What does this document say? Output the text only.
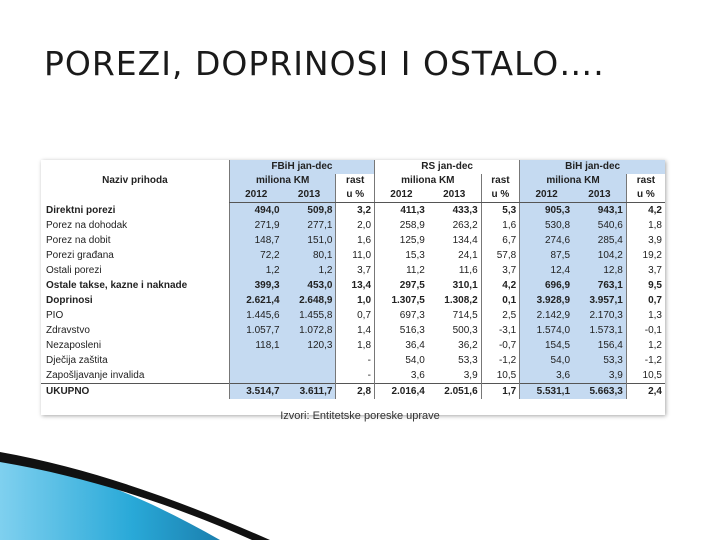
POREZI, DOPRINOSI I OSTALO….
Naziv prihoda	FBiH jan-dec			RS jan-dec			BiH jan-dec		
	miliona KM		rast	miliona KM		rast	miliona KM		rast
	2012	2013	u %	2012	2013	u %	2012	2013	u %
Direktni porezi	494,0	509,8	3,2	411,3	433,3	5,3	905,3	943,1	4,2
Porez na dohodak	271,9	277,1	2,0	258,9	263,2	1,6	530,8	540,6	1,8
Porez na dobit	148,7	151,0	1,6	125,9	134,4	6,7	274,6	285,4	3,9
Porezi građana	72,2	80,1	11,0	15,3	24,1	57,8	87,5	104,2	19,2
Ostali porezi	1,2	1,2	3,7	11,2	11,6	3,7	12,4	12,8	3,7
Ostale takse, kazne i naknade	399,3	453,0	13,4	297,5	310,1	4,2	696,9	763,1	9,5
Doprinosi	2.621,4	2.648,9	1,0	1.307,5	1.308,2	0,1	3.928,9	3.957,1	0,7
PIO	1.445,6	1.455,8	0,7	697,3	714,5	2,5	2.142,9	2.170,3	1,3
Zdravstvo	1.057,7	1.072,8	1,4	516,3	500,3	-3,1	1.574,0	1.573,1	-0,1
Nezaposleni	118,1	120,3	1,8	36,4	36,2	-0,7	154,5	156,4	1,2
Dječija zaštita			-	54,0	53,3	-1,2	54,0	53,3	-1,2
Zapošljavanje invalida			-	3,6	3,9	10,5	3,6	3,9	10,5
UKUPNO	3.514,7	3.611,7	2,8	2.016,4	2.051,6	1,7	5.531,1	5.663,3	2,4
Izvori: Entitetske poreske uprave
